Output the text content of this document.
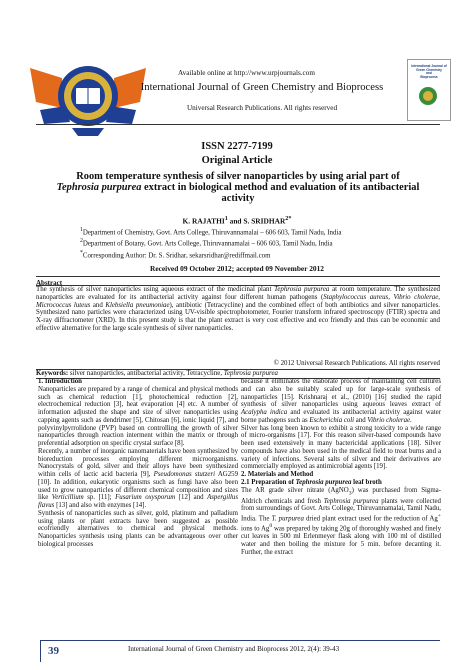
Available online at http://www.urpjournals.com
International Journal of Green Chemistry and Bioprocess
Universal Research Publications. All rights reserved
International Journal of
Green Chemistry
and
Bioprocess
ISSN 2277-7199
Original Article
Room temperature synthesis of silver nanoparticles by using arial part of
Tephrosia purpurea extract in biological method and evaluation of its antibacterial activity
K. RAJATHI$^1$ and S. $SRIDHAR^{2*}$
$^1$Department of Chemistry, Govt. Arts College, Thiruvannamalai – 606 603, Tamil Nadu, India
$^2$Department of Botany, Govt. Arts College, Thiruvannamalai – 606 603, Tamil Nadu, India
*Corresponding Author: Dr. S. Sridhar, sekarsridhar@rediffmail.com
Received 09 October 2012; accepted 09 November 2012
Abstract
The synthesis of silver nanoparticles using aqueous extract of the medicinal plant Tephrosia purpurea at room temperature. The synthesized nanoparticles are evaluated for its antibacterial activity against four different human pathogens (Staphylococcus aureus, Vibrio cholerae, Micrococcus luteus and Klebsiella pneumoniae), antibiotic (Tetracycline) and the combined effect of both antibiotics and silver nanoparticles. Synthesized nano particles were characterized using UV-visible spectrophotometer, Fourier transform infrared spectroscopy (FTIR) spectra and X-ray diffractometer (XRD). In this present study is that the plant extract is very cost effective and eco friendly and thus can be economic and effective alternative for the large scale synthesis of silver nanoparticles.
© 2012 Universal Research Publications. All rights reserved
Keywords: silver nanoparticles, antibacterial activity, Tetracycline, Tephrosia purpurea

1. Introduction

Nanoparticles are prepared by a range of chemical and physical methods such as chemical reduction [1], photochemical reduction [2], electrochemical reduction [3], heat evaporation [4] etc. A number of information adjusted the shape and size of silver nanoparticles using capping agents such as dendrimer [5], Chitosan [6], ionic liquid [7], and polyvinylpyrrolidone (PVP) based on controlling the growth of silver nanoparticles through reaction interment within the matrix or through preferential adsorption on specific crystal surface [8].

Recently, a number of inorganic nanomaterials have been synthesized by bioreduction processes employing different microorganisms. Nanocrystals of gold, silver and their alloys have been synthesized within cells of lactic acid bacteria [9], Pseudomonas stutzeri AG259 [10]. In addition, eukaryotic organisms such as fungi have also been used to grow nanoparticles of different chemical composition and sizes like Verticillium sp. [11]; Fusarium oxysporum [12] and Aspergillus flavus [13] and also with enzymes [14].

Synthesis of nanoparticles such as silver, gold, platinum and palladium using plants or plant extracts have been suggested as possible ecofriendly alternatives to chemical and physical methods. Nanoparticles synthesis using plants can be advantageous over other biological processes

because it eliminates the elaborate process of maintaining cell cultures and can also be suitably scaled up for large-scale synthesis of nanoparticles [15]. Krishnaraj et al., (2010) [16] studied the rapid synthesis of silver nanoparticles using aqueous leaves extract of Acalypha indica and evaluated its antibacterial activity against water borne pathogens such as Escherichia coli and Vibrio cholerae.

Silver has long been known to exhibit a strong toxicity to a wide range of micro-organisms [17]. For this reason silver-based compounds have been used extensively in many bactericidal applications [18]. Silver compounds have also been used in the medical field to treat burns and a variety of infections. Several salts of silver and their derivatives are commercially employed as antimicrobial agents [19].

2. Materials and Method

2.1 Preparation of Tephrosia purpurea leaf broth

The AR grade silver nitrate (AgNO$_3$) was purchased from Sigma-Aldrich chemicals and fresh Tephrosia purpurea plants were collected from surroundings of Govt. Arts College, Thiruvannamalai, Tamil Nadu, India. The T. purpurea dried plant extract used for the reduction of Ag+ ions to Ag$^0$ was prepared by taking 20g of thoroughly washed and finely cut leaves in 500 ml Erlenmeyer flask along with 100 ml of distilled water and then boiling the mixture for 5 min. before decanting it. Further, the extract

39	International Journal of Green Chemistry and Bioprocess 2012, 2(4): 39-43
